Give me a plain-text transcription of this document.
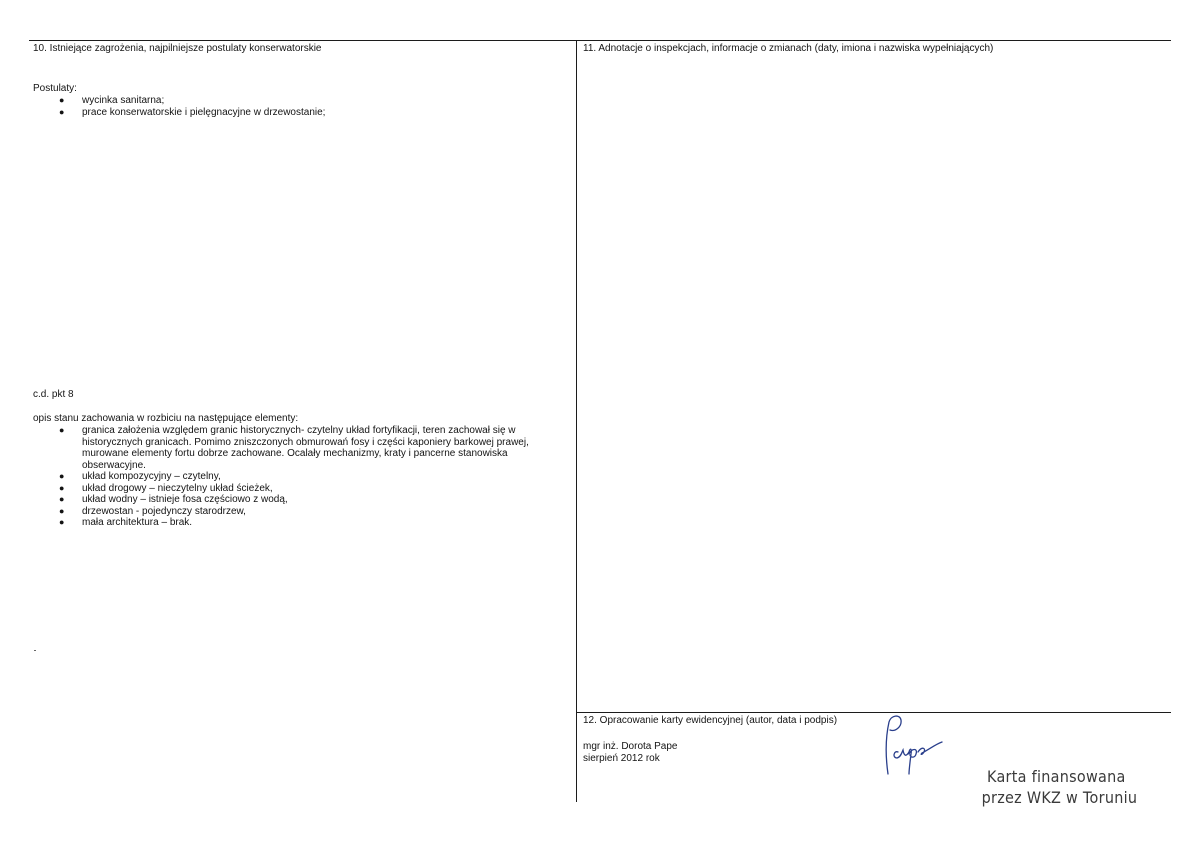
10. Istniejące zagrożenia, najpilniejsze postulaty konserwatorskie
Postulaty:
● wycinka sanitarna;
● prace konserwatorskie i pielęgnacyjne w drzewostanie;
c.d. pkt 8
opis stanu zachowania w rozbiciu na następujące elementy:
● granica założenia względem granic historycznych- czytelny układ fortyfikacji, teren zachował się w historycznych granicach. Pomimo zniszczonych obmurowań fosy i części kaponiery barkowej prawej, murowane elementy fortu dobrze zachowane. Ocalały mechanizmy, kraty i pancerne stanowiska obserwacyjne.
● układ kompozycyjny – czytelny,
● układ drogowy – nieczytelny układ ścieżek,
● układ wodny – istnieje fosa częściowo z wodą,
● drzewostan - pojedynczy starodrzew,
● mała architektura – brak.
11. Adnotacje o inspekcjach, informacje o zmianach (daty, imiona i nazwiska wypełniających)
12. Opracowanie karty ewidencyjnej (autor, data i podpis)
mgr inż. Dorota Pape
sierpień 2012 rok
Karta finansowana
przez WKZ w Toruniu
